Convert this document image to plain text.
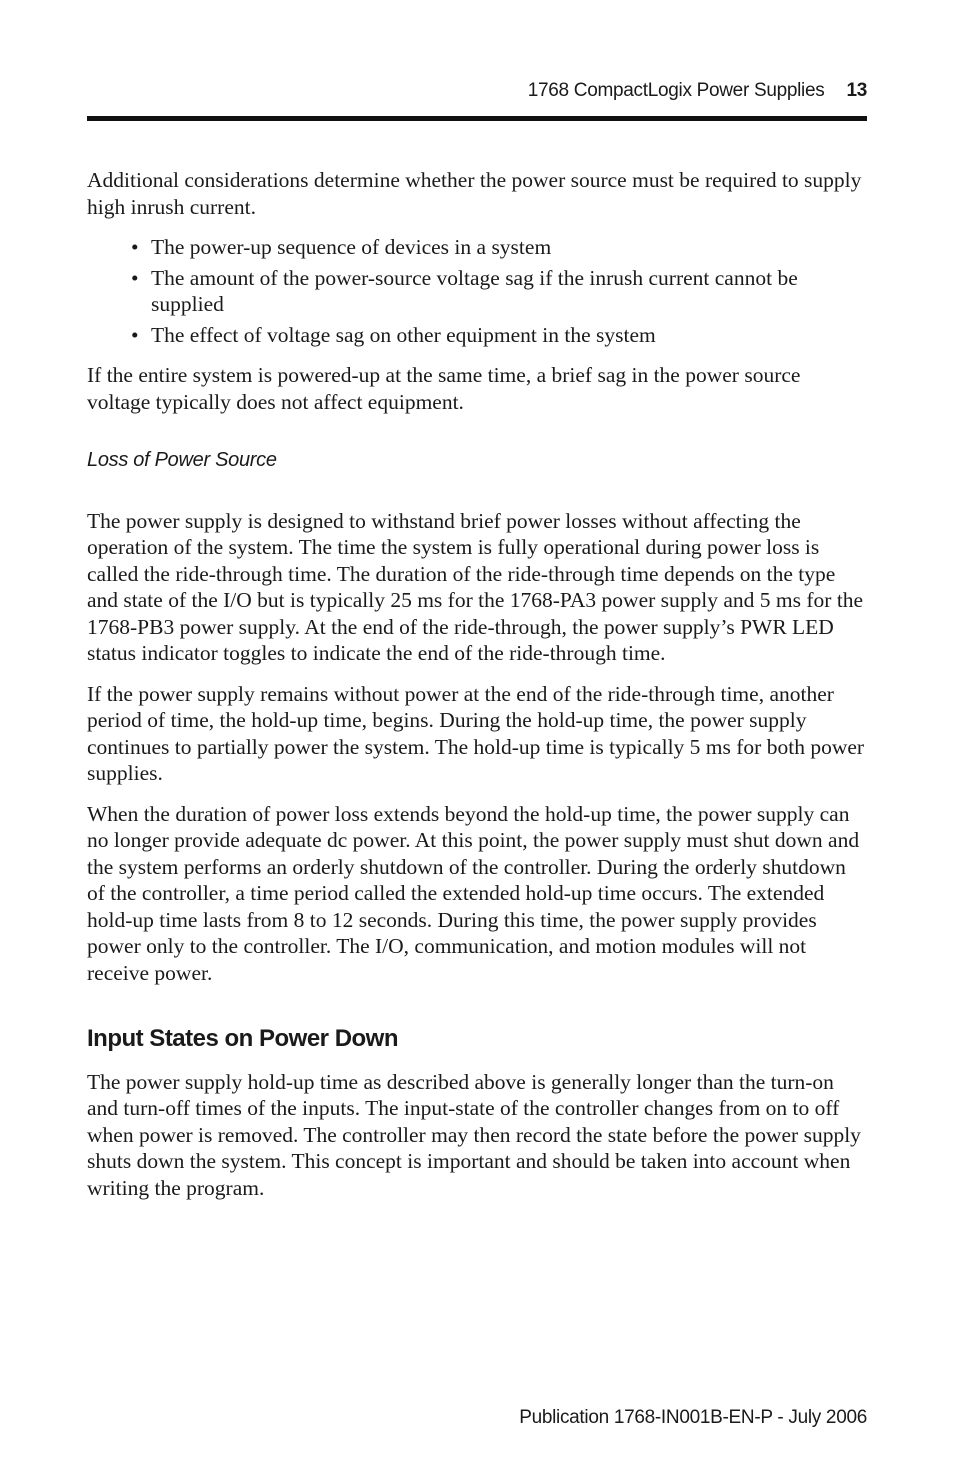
1768 CompactLogix Power Supplies 13

Additional considerations determine whether the power source must be required to supply high inrush current.

• The power-up sequence of devices in a system
• The amount of the power-source voltage sag if the inrush current cannot be supplied
• The effect of voltage sag on other equipment in the system

If the entire system is powered-up at the same time, a brief sag in the power source voltage typically does not affect equipment.

Loss of Power Source

The power supply is designed to withstand brief power losses without affecting the operation of the system. The time the system is fully operational during power loss is called the ride-through time. The duration of the ride-through time depends on the type and state of the I/O but is typically 25 ms for the 1768-PA3 power supply and 5 ms for the 1768-PB3 power supply. At the end of the ride-through, the power supply’s PWR LED status indicator toggles to indicate the end of the ride-through time.

If the power supply remains without power at the end of the ride-through time, another period of time, the hold-up time, begins. During the hold-up time, the power supply continues to partially power the system. The hold-up time is typically 5 ms for both power supplies.

When the duration of power loss extends beyond the hold-up time, the power supply can no longer provide adequate dc power. At this point, the power supply must shut down and the system performs an orderly shutdown of the controller. During the orderly shutdown of the controller, a time period called the extended hold-up time occurs. The extended hold-up time lasts from 8 to 12 seconds. During this time, the power supply provides power only to the controller. The I/O, communication, and motion modules will not receive power.

Input States on Power Down

The power supply hold-up time as described above is generally longer than the turn-on and turn-off times of the inputs. The input-state of the controller changes from on to off when power is removed. The controller may then record the state before the power supply shuts down the system. This concept is important and should be taken into account when writing the program.

Publication 1768-IN001B-EN-P - July 2006
